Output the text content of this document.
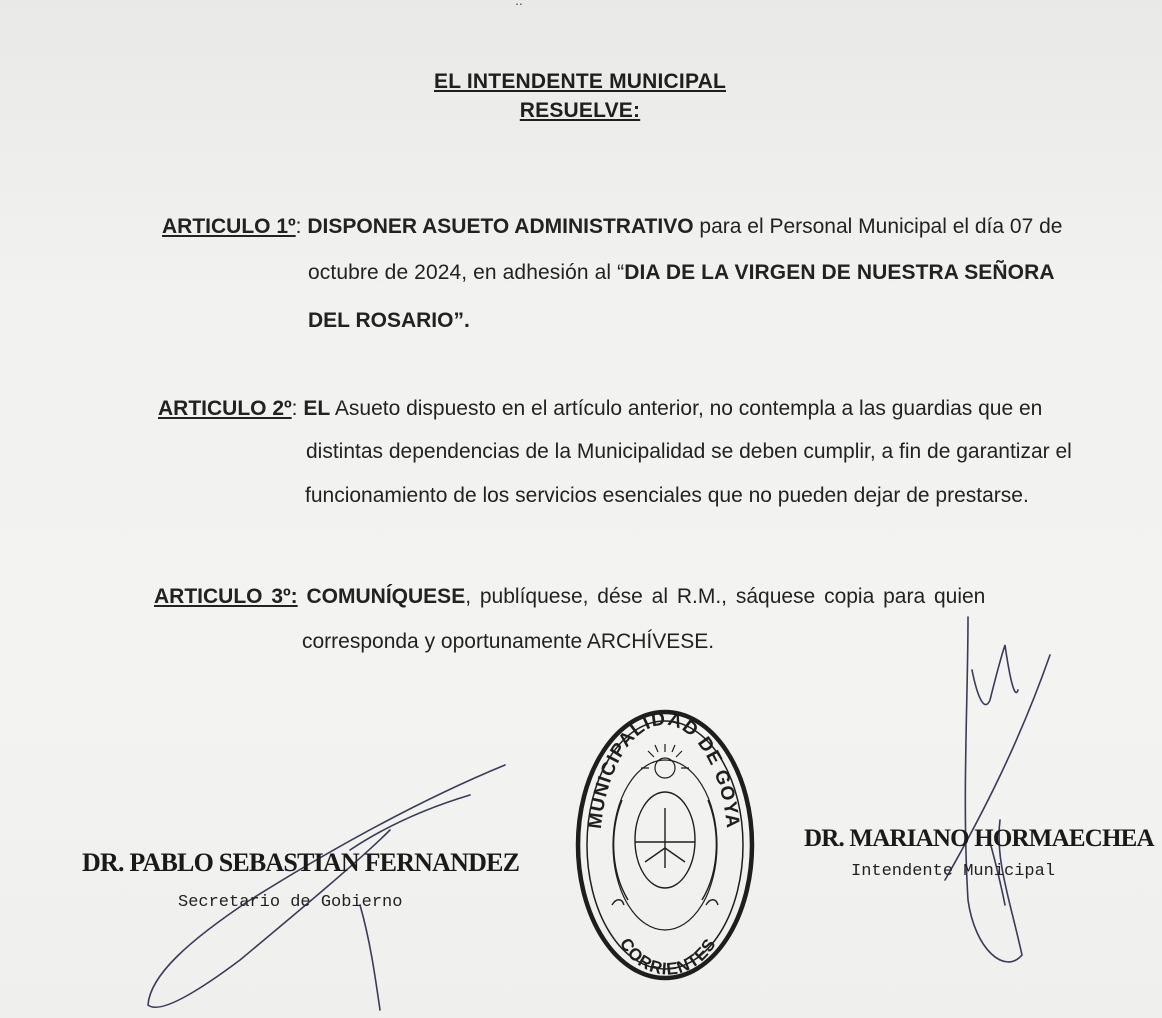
..
EL INTENDENTE MUNICIPAL
RESUELVE:
ARTICULO 1º: DISPONER ASUETO ADMINISTRATIVO para el Personal Municipal el día 07 de
octubre de 2024, en adhesión al “DIA DE LA VIRGEN DE NUESTRA SEÑORA
DEL ROSARIO”.
ARTICULO 2º: EL Asueto dispuesto en el artículo anterior, no contempla a las guardias que en
distintas dependencias de la Municipalidad se deben cumplir, a fin de garantizar el
funcionamiento de los servicios esenciales que no pueden dejar de prestarse.
ARTICULO 3º: COMUNÍQUESE, publíquese, dése al R.M., sáquese copia para quien
corresponda y oportunamente ARCHÍVESE.
DR. PABLO SEBASTIAN FERNANDEZ
Secretario de Gobierno
DR. MARIANO HORMAECHEA
Intendente Municipal
MUNICIPALIDAD DE GOYA
CORRIENTES
